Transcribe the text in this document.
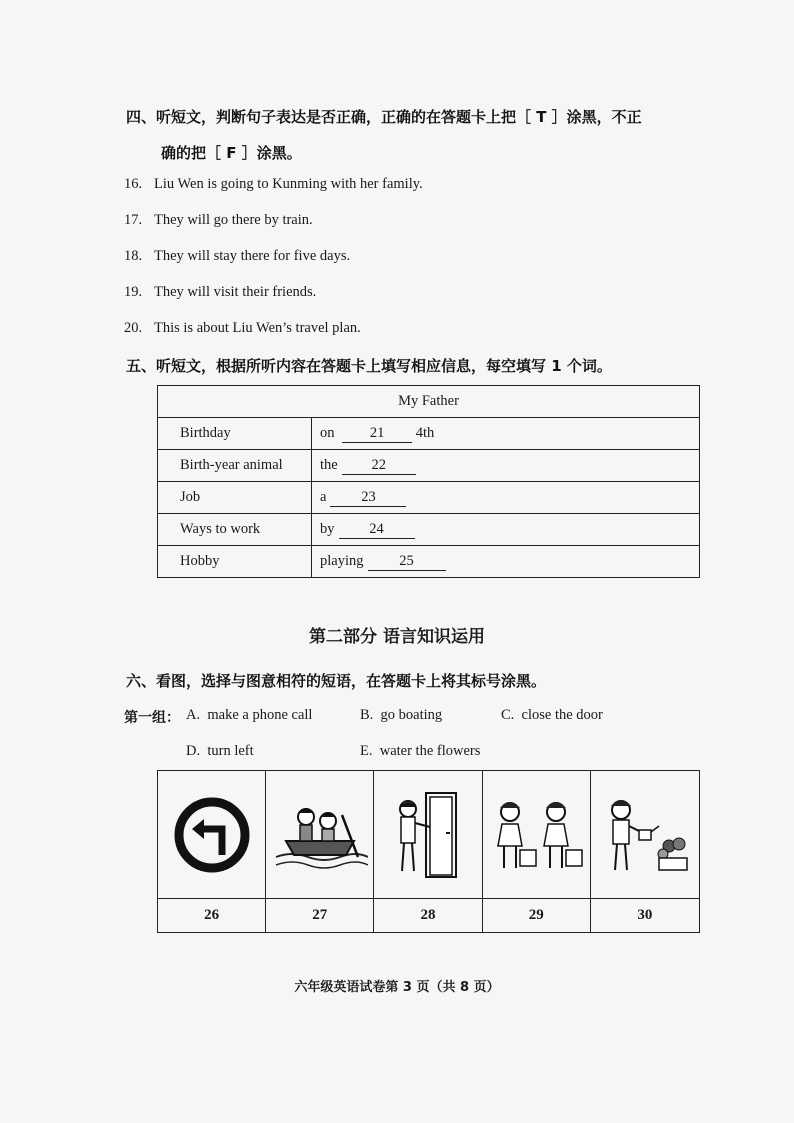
四、听短文，判断句子表达是否正确，正确的在答题卡上把［ T ］涂黑，不正
确的把［ F ］涂黑。
16. Liu Wen is going to Kunming with her family.
17. They will go there by train.
18. They will stay there for five days.
19. They will visit their friends.
20. This is about Liu Wen’s travel plan.
五、听短文，根据所听内容在答题卡上填写相应信息，每空填写 1 个词。
My Father	
Birthday	on 21 4th
Birth-year animal	the 22
Job	a 23
Ways to work	by 24
Hobby	playing 25
第二部分 语言知识运用
六、看图，选择与图意相符的短语，在答题卡上将其标号涂黑。
第一组： A. make a phone call	B. go boating	C. close the door
D. turn left	E. water the flowers
26	27	28	29	30
六年级英语试卷第 3 页（共 8 页）
